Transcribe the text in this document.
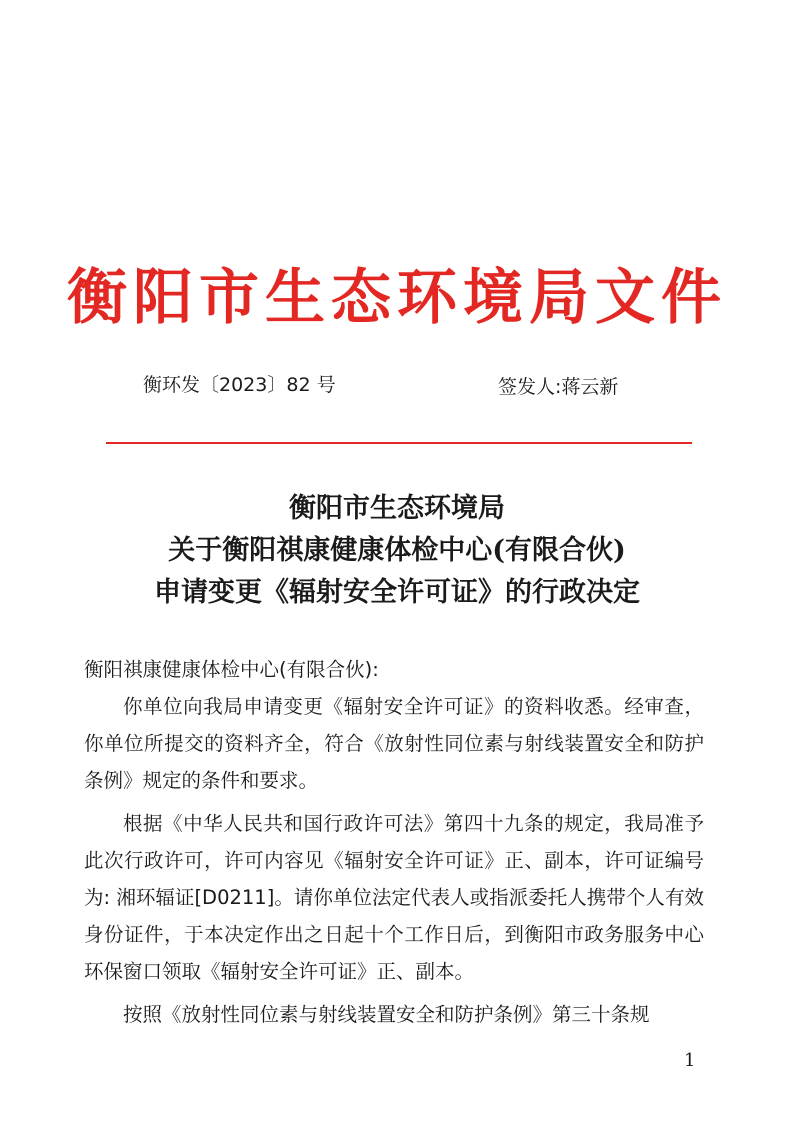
衡阳市生态环境局文件
衡环发〔2023〕82 号	签发人:蒋云新
衡阳市生态环境局
关于衡阳祺康健康体检中心(有限合伙)
申请变更《辐射安全许可证》的行政决定
衡阳祺康健康体检中心(有限合伙):

你单位向我局申请变更《辐射安全许可证》的资料收悉。经审查，你单位所提交的资料齐全，符合《放射性同位素与射线装置安全和防护条例》规定的条件和要求。

根据《中华人民共和国行政许可法》第四十九条的规定，我局准予此次行政许可，许可内容见《辐射安全许可证》正、副本，许可证编号为: 湘环辐证[D0211]。请你单位法定代表人或指派委托人携带个人有效身份证件，于本决定作出之日起十个工作日后，到衡阳市政务服务中心环保窗口领取《辐射安全许可证》正、副本。

按照《放射性同位素与射线装置安全和防护条例》第三十条规

1
